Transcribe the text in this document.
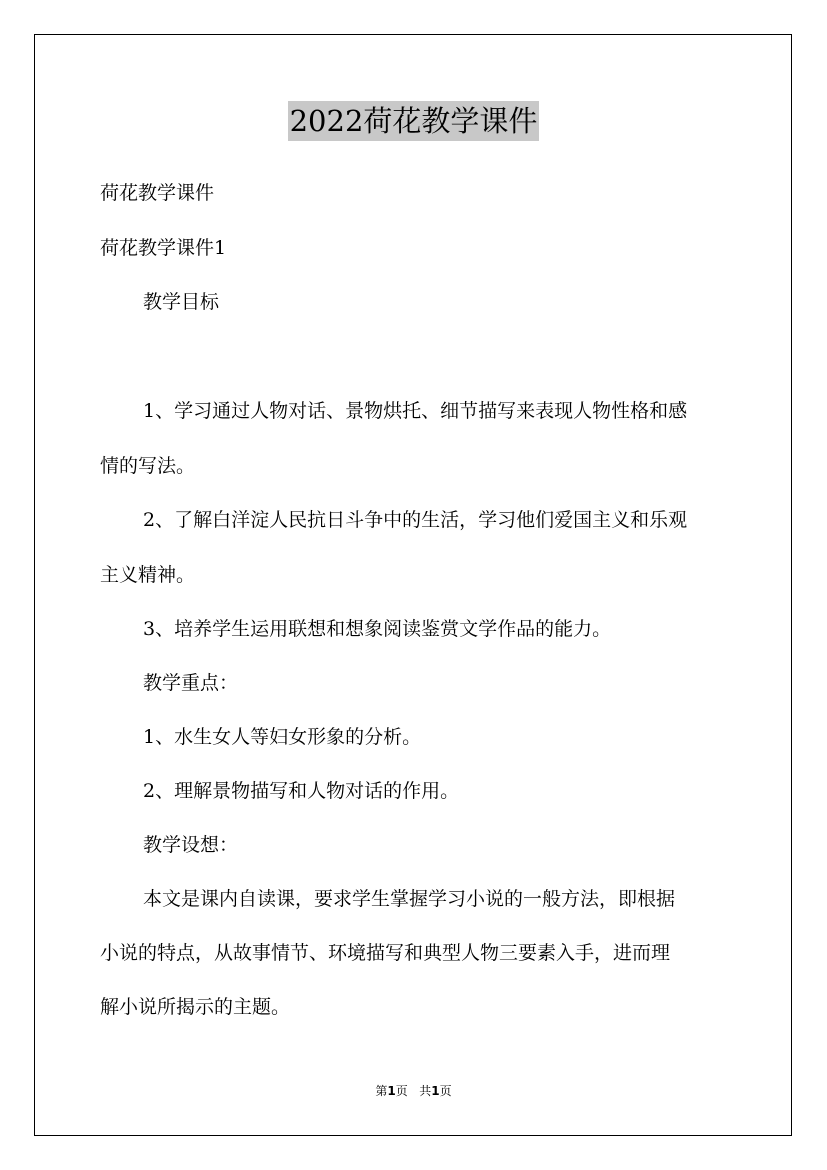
2022荷花教学课件
荷花教学课件
荷花教学课件1
教学目标
1、学习通过人物对话、景物烘托、细节描写来表现人物性格和感
情的写法。
2、了解白洋淀人民抗日斗争中的生活，学习他们爱国主义和乐观
主义精神。
3、培养学生运用联想和想象阅读鉴赏文学作品的能力。
教学重点：
1、水生女人等妇女形象的分析。
2、理解景物描写和人物对话的作用。
教学设想：
本文是课内自读课，要求学生掌握学习小说的一般方法，即根据
小说的特点，从故事情节、环境描写和典型人物三要素入手，进而理
解小说所揭示的主题。
第1页 共1页
